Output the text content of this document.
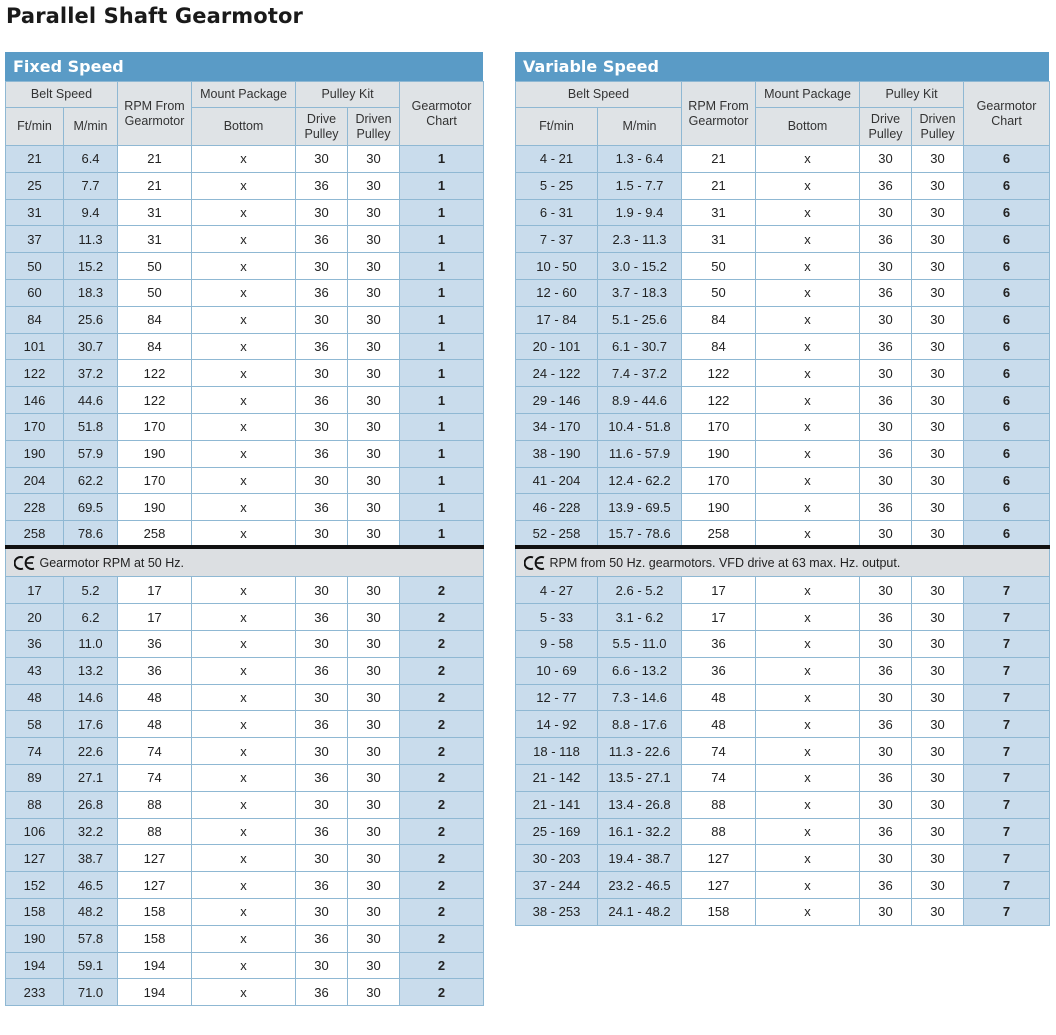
Parallel Shaft Gearmotor
Fixed Speed
Belt Speed		RPM From Gearmotor	Mount Package	Pulley Kit		Gearmotor Chart
Ft/min	M/min		Bottom	Drive Pulley	Driven Pulley	
21	6.4	21	x	30	30	1
25	7.7	21	x	36	30	1
31	9.4	31	x	30	30	1
37	11.3	31	x	36	30	1
50	15.2	50	x	30	30	1
60	18.3	50	x	36	30	1
84	25.6	84	x	30	30	1
101	30.7	84	x	36	30	1
122	37.2	122	x	30	30	1
146	44.6	122	x	36	30	1
170	51.8	170	x	30	30	1
190	57.9	190	x	36	30	1
204	62.2	170	x	30	30	1
228	69.5	190	x	36	30	1
258	78.6	258	x	30	30	1
Gearmotor RPM at 50 Hz.						
17	5.2	17	x	30	30	2
20	6.2	17	x	36	30	2
36	11.0	36	x	30	30	2
43	13.2	36	x	36	30	2
48	14.6	48	x	30	30	2
58	17.6	48	x	36	30	2
74	22.6	74	x	30	30	2
89	27.1	74	x	36	30	2
88	26.8	88	x	30	30	2
106	32.2	88	x	36	30	2
127	38.7	127	x	30	30	2
152	46.5	127	x	36	30	2
158	48.2	158	x	30	30	2
190	57.8	158	x	36	30	2
194	59.1	194	x	30	30	2
233	71.0	194	x	36	30	2
Variable Speed
Belt Speed		RPM From Gearmotor	Mount Package	Pulley Kit		Gearmotor Chart
Ft/min	M/min		Bottom	Drive Pulley	Driven Pulley	
4 - 21	1.3 - 6.4	21	x	30	30	6
5 - 25	1.5 - 7.7	21	x	36	30	6
6 - 31	1.9 - 9.4	31	x	30	30	6
7 - 37	2.3 - 11.3	31	x	36	30	6
10 - 50	3.0 - 15.2	50	x	30	30	6
12 - 60	3.7 - 18.3	50	x	36	30	6
17 - 84	5.1 - 25.6	84	x	30	30	6
20 - 101	6.1 - 30.7	84	x	36	30	6
24 - 122	7.4 - 37.2	122	x	30	30	6
29 - 146	8.9 - 44.6	122	x	36	30	6
34 - 170	10.4 - 51.8	170	x	30	30	6
38 - 190	11.6 - 57.9	190	x	36	30	6
41 - 204	12.4 - 62.2	170	x	30	30	6
46 - 228	13.9 - 69.5	190	x	36	30	6
52 - 258	15.7 - 78.6	258	x	30	30	6
RPM from 50 Hz. gearmotors. VFD drive at 63 max. Hz. output.						
4 - 27	2.6 - 5.2	17	x	30	30	7
5 - 33	3.1 - 6.2	17	x	36	30	7
9 - 58	5.5 - 11.0	36	x	30	30	7
10 - 69	6.6 - 13.2	36	x	36	30	7
12 - 77	7.3 - 14.6	48	x	30	30	7
14 - 92	8.8 - 17.6	48	x	36	30	7
18 - 118	11.3 - 22.6	74	x	30	30	7
21 - 142	13.5 - 27.1	74	x	36	30	7
21 - 141	13.4 - 26.8	88	x	30	30	7
25 - 169	16.1 - 32.2	88	x	36	30	7
30 - 203	19.4 - 38.7	127	x	30	30	7
37 - 244	23.2 - 46.5	127	x	36	30	7
38 - 253	24.1 - 48.2	158	x	30	30	7
